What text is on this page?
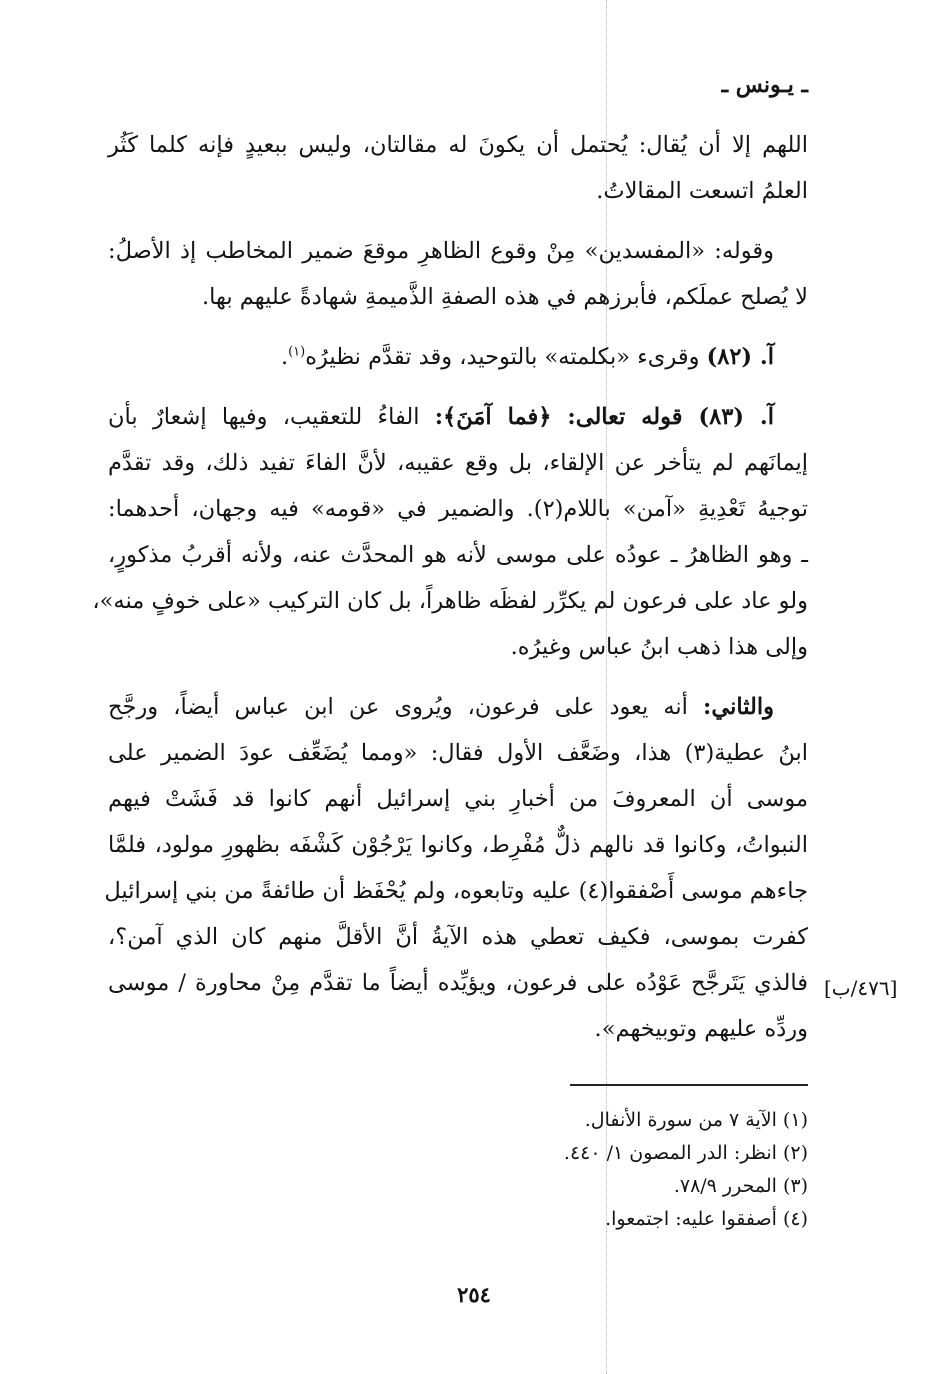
ـ يـونس ـ

اللهم إلا أن يُقال: يُحتمل أن يكونَ له مقالتان، وليس ببعيدٍ فإنه كلما كَثُر
العلمُ اتسعت المقالاتُ.

وقوله: «المفسدين» مِنْ وقوع الظاهرِ موقعَ ضمير المخاطب إذ الأصلُ:
لا يُصلح عملَكم، فأبرزهم في هذه الصفةِ الذَّميمةِ شهادةً عليهم بها.

آ. (٨٢) وقرىء «بكلمته» بالتوحيد، وقد تقدَّم نظيرُه$^{(١)}$.

آ. (٨٣) قوله تعالى: ﴿فما آمَنَ﴾: الفاءُ للتعقيب، وفيها إشعارٌ بأن
إيمانَهم لم يتأخر عن الإلقاء، بل وقع عقيبه، لأنَّ الفاءَ تفيد ذلك، وقد تقدَّم
توجيهُ تَعْدِيةِ «آمن» باللام(٢). والضمير في «قومه» فيه وجهان، أحدهما:
ـ وهو الظاهرُ ـ عودُه على موسى لأنه هو المحدَّث عنه، ولأنه أقربُ مذكورٍ،
ولو عاد على فرعون لم يكرِّر لفظَه ظاهراً، بل كان التركيب «على خوفٍ منه»،
وإلى هذا ذهب ابنُ عباس وغيرُه.

والثاني: أنه يعود على فرعون، ويُروى عن ابن عباس أيضاً، ورجَّح
ابنُ عطية(٣) هذا، وضَعَّف الأول فقال: «ومما يُضَعِّف عودَ الضمير على
موسى أن المعروفَ من أخبارِ بني إسرائيل أنهم كانوا قد فَشَتْ فيهم
النبواتُ، وكانوا قد نالهم ذلٌّ مُفْرِط، وكانوا يَرْجُوْن كَشْفَه بظهورِ مولود، فلمَّا
جاءهم موسى أَصْفقوا(٤) عليه وتابعوه، ولم يُحْفَظ أن طائفةً من بني إسرائيل
كفرت بموسى، فكيف تعطي هذه الآيةُ أنَّ الأقلَّ منهم كان الذي آمن؟،
فالذي يَتَرجَّح عَوْدُه على فرعون، ويؤيِّده أيضاً ما تقدَّم مِنْ محاورة / موسى
وردِّه عليهم وتوبيخهم».

[٤٧٦/ب]
(١) الآية ٧ من سورة الأنفال.
(٢) انظر: الدر المصون ١/ ٤٤٠.
(٣) المحرر ٧٨/٩.
(٤) أصفقوا عليه: اجتمعوا.
٢٥٤
